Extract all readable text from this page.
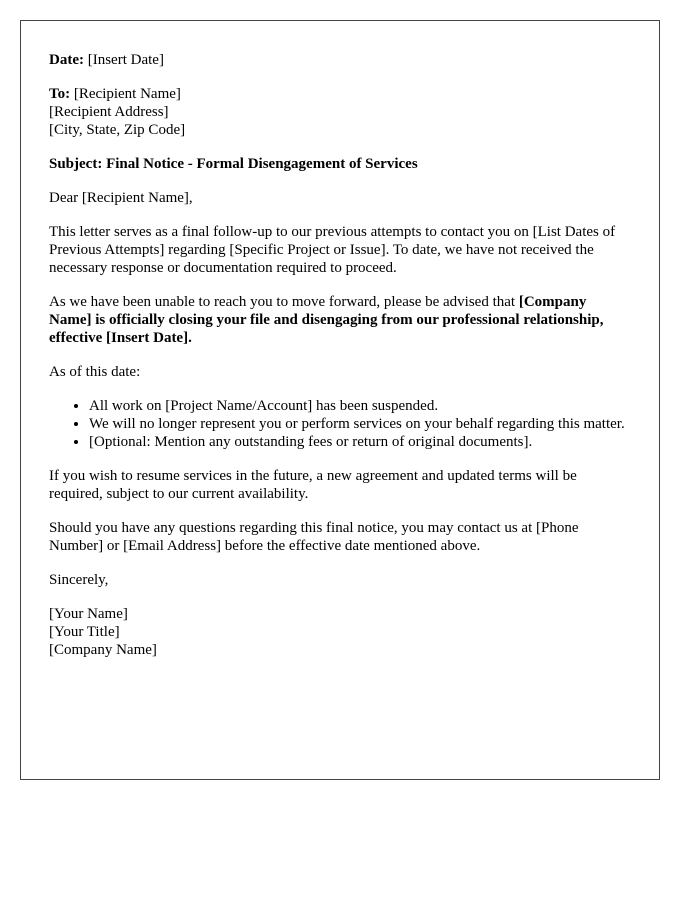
Date: [Insert Date]

To: [Recipient Name]
[Recipient Address]
[City, State, Zip Code]

Subject: Final Notice - Formal Disengagement of Services

Dear [Recipient Name],

This letter serves as a final follow-up to our previous attempts to contact you on [List Dates of Previous Attempts] regarding [Specific Project or Issue]. To date, we have not received the necessary response or documentation required to proceed.

As we have been unable to reach you to move forward, please be advised that [Company Name] is officially closing your file and disengaging from our professional relationship, effective [Insert Date].

As of this date:

• All work on [Project Name/Account] has been suspended.
• We will no longer represent you or perform services on your behalf regarding this matter.
• [Optional: Mention any outstanding fees or return of original documents].

If you wish to resume services in the future, a new agreement and updated terms will be required, subject to our current availability.

Should you have any questions regarding this final notice, you may contact us at [Phone Number] or [Email Address] before the effective date mentioned above.

Sincerely,

[Your Name]
[Your Title]
[Company Name]
